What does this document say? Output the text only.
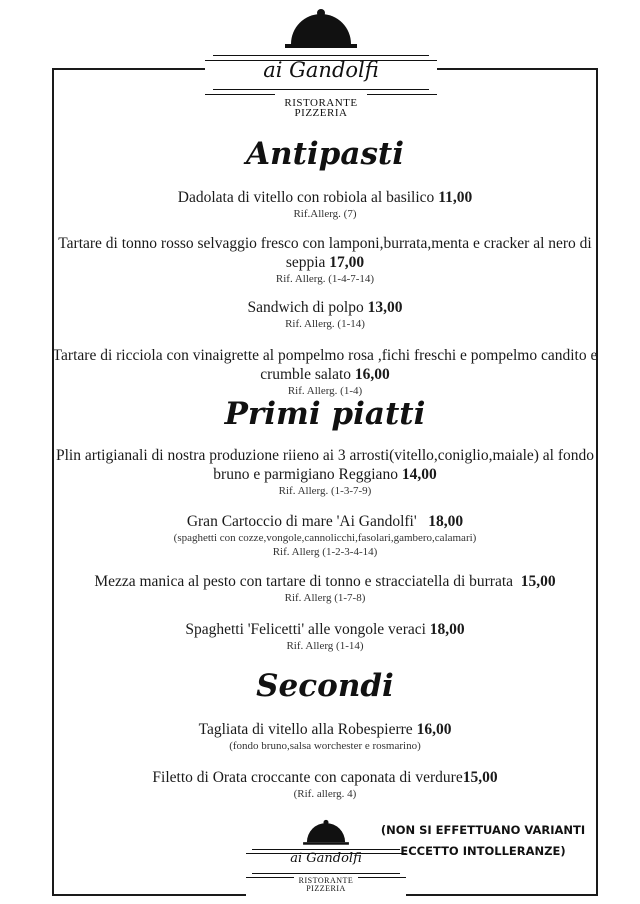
ai Gandolfi
RISTORANTE
PIZZERIA
Antipasti
Dadolata di vitello con robiola al basilico 11,00
Rif.Allerg. (7)
Tartare di tonno rosso selvaggio fresco con lamponi,burrata,menta e cracker al nero di seppia 17,00
Rif. Allerg. (1-4-7-14)
Sandwich di polpo 13,00
Rif. Allerg. (1-14)
Tartare di ricciola con vinaigrette al pompelmo rosa ,fichi freschi e pompelmo candito e crumble salato 16,00
Rif. Allerg. (1-4)
Primi piatti
Plin artigianali di nostra produzione riieno ai 3 arrosti(vitello,coniglio,maiale) al fondo bruno e parmigiano Reggiano 14,00
Rif. Allerg. (1-3-7-9)
Gran Cartoccio di mare 'Ai Gandolfi' 18,00
(spaghetti con cozze,vongole,cannolicchi,fasolari,gambero,calamari)
Rif. Allerg (1-2-3-4-14)
Mezza manica al pesto con tartare di tonno e stracciatella di burrata 15,00
Rif. Allerg (1-7-8)
Spaghetti 'Felicetti' alle vongole veraci 18,00
Rif. Allerg (1-14)
Secondi
Tagliata di vitello alla Robespierre 16,00
(fondo bruno,salsa worchester e rosmarino)
Filetto di Orata croccante con caponata di verdure15,00
(Rif. allerg. 4)
ai Gandolfi
RISTORANTE
PIZZERIA
(NON SI EFFETTUANO VARIANTI
ECCETTO INTOLLERANZE)
